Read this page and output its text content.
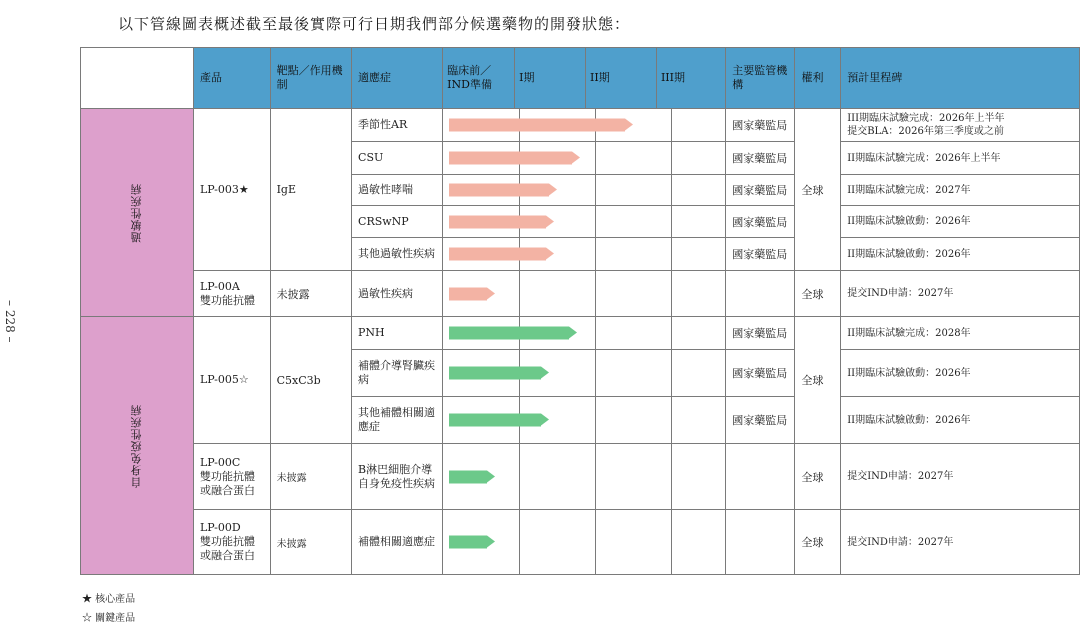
以下管線圖表概述截至最後實際可行日期我們部分候選藥物的開發狀態：
– 228 –
	產品	靶點／作用機制	適應症	臨床前／IND準備	I期	II期	III期	主要監管機構	權利	預計里程碑

過敏性疾病	LP-003★	IgE	季節性AR					國家藥監局	全球	III期臨床試驗完成：2026年上半年
提交BLA：2026年第三季度或之前
			CSU					國家藥監局		II期臨床試驗完成：2026年上半年
			過敏性哮喘					國家藥監局		II期臨床試驗完成：2027年
			CRSwNP					國家藥監局		II期臨床試驗啟動：2026年
			其他過敏性疾病					國家藥監局		II期臨床試驗啟動：2026年
	LP-00A
雙功能抗體	未披露	過敏性疾病						全球	提交IND申請：2027年

自身免疫性疾病	LP-005☆	C5xC3b	PNH					國家藥監局	全球	II期臨床試驗完成：2028年
			補體介導腎臟疾病					國家藥監局		II期臨床試驗啟動：2026年
			其他補體相關適應症					國家藥監局		II期臨床試驗啟動：2026年
	LP-00C
雙功能抗體或融合蛋白	未披露	B淋巴細胞介導自身免疫性疾病						全球	提交IND申請：2027年
	LP-00D
雙功能抗體或融合蛋白	未披露	補體相關適應症						全球	提交IND申請：2027年
★ 核心產品
☆ 關鍵產品
